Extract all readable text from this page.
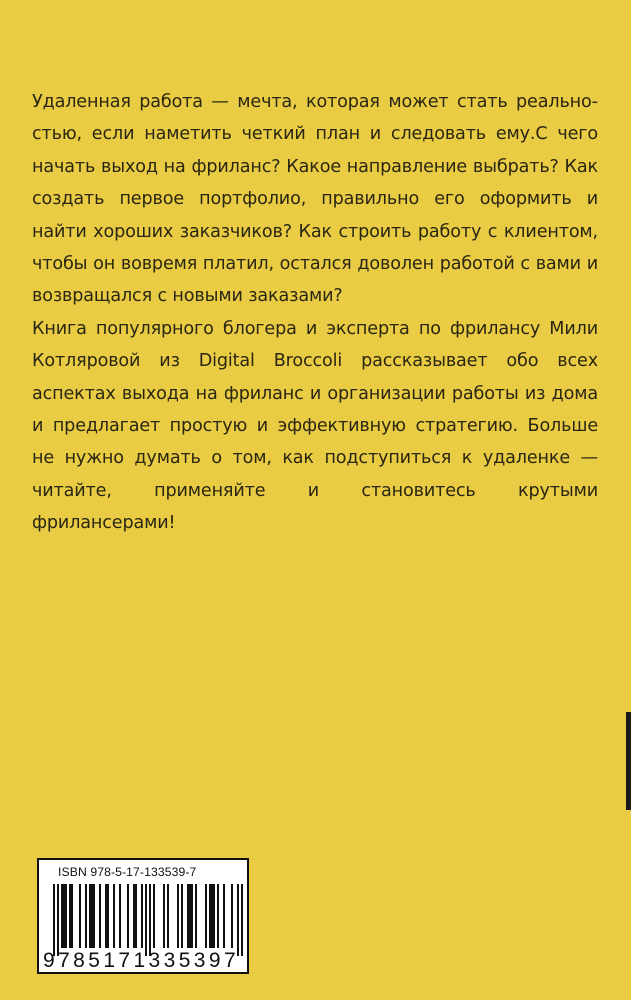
Удаленная работа — мечта, которая может стать реальностью, если наметить четкий план и следовать ему.С чего начать выход на фриланс? Какое направление выбрать? Как создать первое портфолио, правильно его оформить и найти хороших заказчиков? Как строить работу с клиентом, чтобы он вовремя платил, остался доволен работой с вами и возвращался с новыми заказами?

Книга популярного блогера и эксперта по фрилансу Мили Котляровой из Digital Broccoli рассказывает обо всех аспектах выхода на фриланс и организации работы из дома и предлагает простую и эффективную стратегию. Больше не нужно думать о том, как подступиться к удаленке — читайте, применяйте и становитесь крутыми фрилансерами!

ISBN 978-5-17-133539-7
9785171335397
